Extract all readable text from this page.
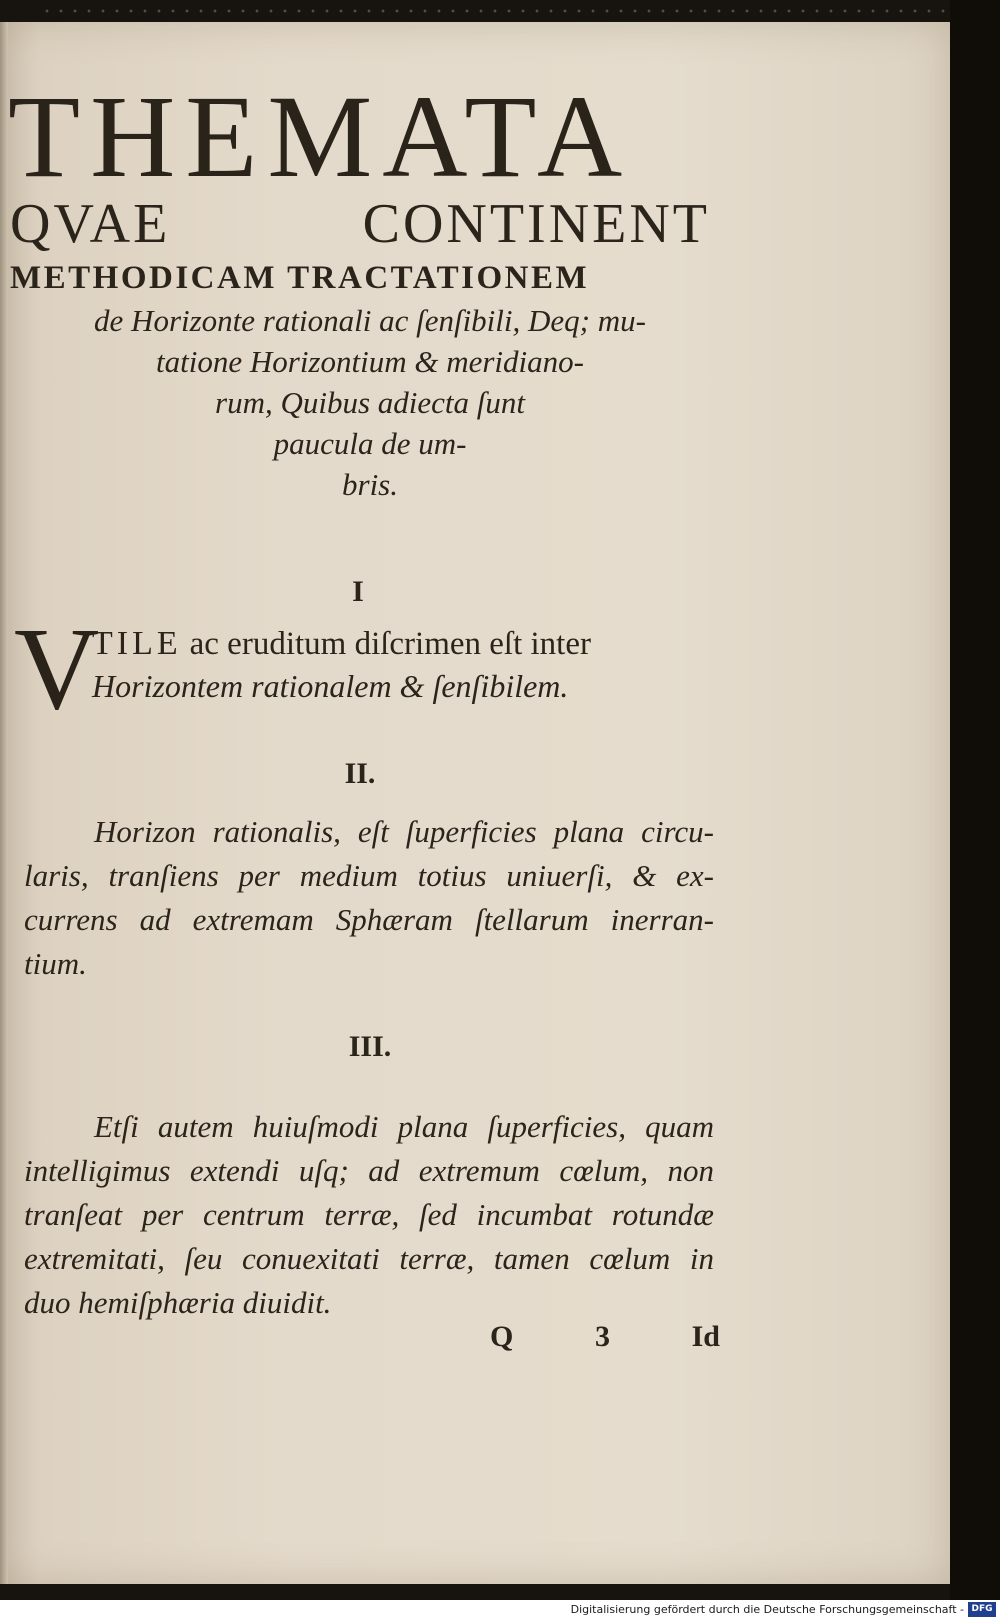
THEMATA
QVAE	CONTINENT
METHODICAM TRACTATIONEM
de Horizonte rationali ac ſenſibili, Deq; mu-
tatione Horizontium & meridiano-
rum, Quibus adiecta ſunt
paucula de um-
bris.
I
V
TILE ac eruditum diſcrimen eſt inter
Horizontem rationalem & ſenſibilem.
II.
Horizon rationalis, eſt ſuperficies plana circu-
laris, tranſiens per medium totius uniuerſi, & ex-
currens ad extremam Sphæram ſtellarum inerran-
tium.
III.
Etſi autem huiuſmodi plana ſuperficies, quam
intelligimus extendi uſq; ad extremum cœlum, non
tranſeat per centrum terræ, ſed incumbat rotundæ
extremitati, ſeu conuexitati terræ, tamen cœlum in
duo hemiſphæria diuidit.
Q	3	Id
Digitalisierung gefördert durch die Deutsche Forschungsgemeinschaft - DFG
